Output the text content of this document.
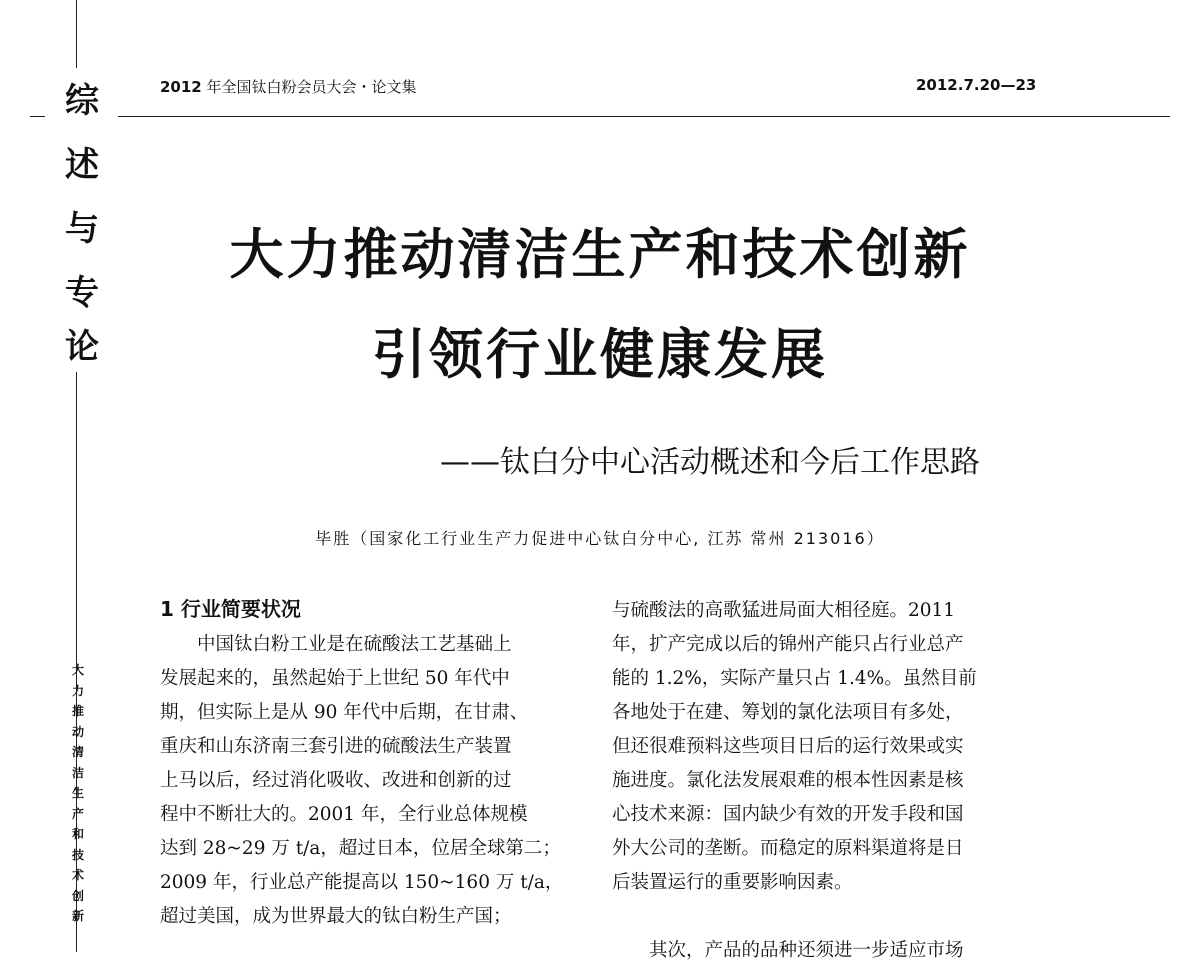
综
述
与
专
论
大
力
推
动
清
洁
生
产
和
技
术
创
新
2012 年全国钛白粉会员大会・论文集	2012.7.20—23
大力推动清洁生产和技术创新
引领行业健康发展
——钛白分中心活动概述和今后工作思路
毕胜（国家化工行业生产力促进中心钛白分中心, 江苏 常州 213016）
1 行业简要状况

　　中国钛白粉工业是在硫酸法工艺基础上

发展起来的，虽然起始于上世纪 50 年代中

期，但实际上是从 90 年代中后期，在甘肃、

重庆和山东济南三套引进的硫酸法生产装置

上马以后，经过消化吸收、改进和创新的过

程中不断壮大的。2001 年，全行业总体规模

达到 28~29 万 t/a，超过日本，位居全球第二；

2009 年，行业总产能提高以 150~160 万 t/a，

超过美国，成为世界最大的钛白粉生产国；

与硫酸法的高歌猛进局面大相径庭。2011

年，扩产完成以后的锦州产能只占行业总产

能的 1.2%，实际产量只占 1.4%。虽然目前

各地处于在建、筹划的氯化法项目有多处，

但还很难预料这些项目日后的运行效果或实

施进度。氯化法发展艰难的根本性因素是核

心技术来源：国内缺少有效的开发手段和国

外大公司的垄断。而稳定的原料渠道将是日

后装置运行的重要影响因素。

　　其次，产品的品种还须进一步适应市场
